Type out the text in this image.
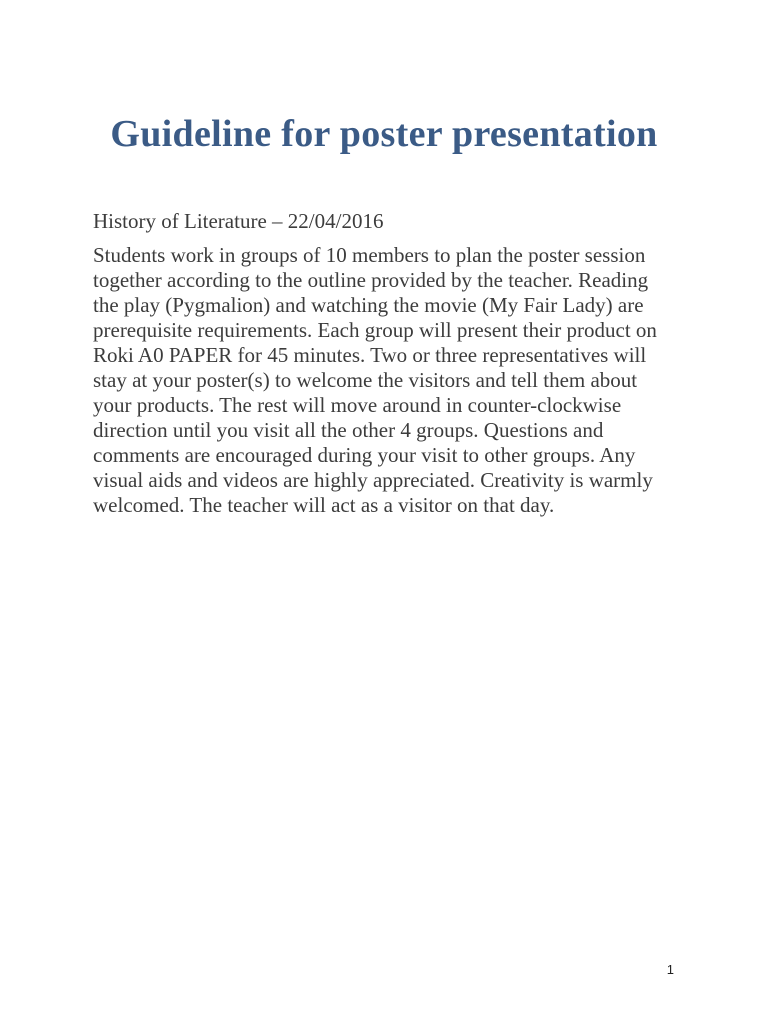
Guideline for poster presentation

History of Literature – 22/04/2016

Students work in groups of 10 members to plan the poster session together according to the outline provided by the teacher. Reading the play (Pygmalion) and watching the movie (My Fair Lady) are prerequisite requirements. Each group will present their product on Roki A0 PAPER for 45 minutes. Two or three representatives will stay at your poster(s) to welcome the visitors and tell them about your products. The rest will move around in counter-clockwise direction until you visit all the other 4 groups. Questions and comments are encouraged during your visit to other groups. Any visual aids and videos are highly appreciated. Creativity is warmly welcomed. The teacher will act as a visitor on that day.

1
